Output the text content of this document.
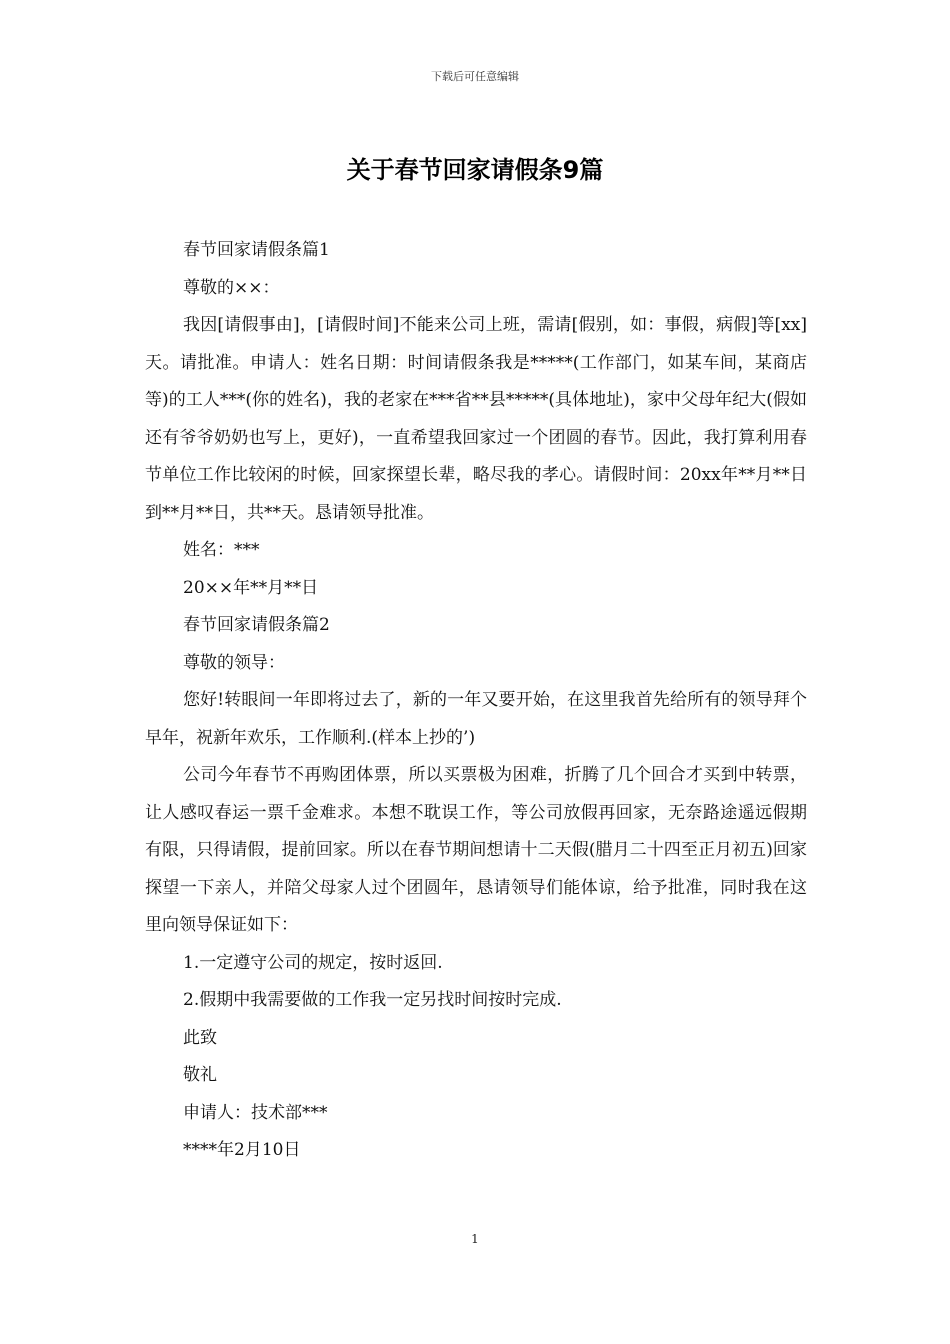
下载后可任意编辑
关于春节回家请假条9篇

春节回家请假条篇1

尊敬的××：

我因[请假事由]，[请假时间]不能来公司上班，需请[假别，如：事假，病假]等[xx]天。请批准。申请人：姓名日期：时间请假条我是*****(工作部门，如某车间，某商店等)的工人***(你的姓名)，我的老家在***省**县*****(具体地址)，家中父母年纪大(假如还有爷爷奶奶也写上，更好)，一直希望我回家过一个团圆的春节。因此，我打算利用春节单位工作比较闲的时候，回家探望长辈，略尽我的孝心。请假时间：20xx年**月**日到**月**日，共**天。恳请领导批准。

姓名：***

20××年**月**日

春节回家请假条篇2

尊敬的领导：

您好!转眼间一年即将过去了，新的一年又要开始，在这里我首先给所有的领导拜个早年，祝新年欢乐，工作顺利.(样本上抄的’)

公司今年春节不再购团体票，所以买票极为困难，折腾了几个回合才买到中转票，让人感叹春运一票千金难求。本想不耽误工作，等公司放假再回家，无奈路途遥远假期有限，只得请假，提前回家。所以在春节期间想请十二天假(腊月二十四至正月初五)回家探望一下亲人，并陪父母家人过个团圆年，恳请领导们能体谅，给予批准，同时我在这里向领导保证如下：

1.一定遵守公司的规定，按时返回.

2.假期中我需要做的工作我一定另找时间按时完成.

此致

敬礼

申请人：技术部***

****年2月10日

1
